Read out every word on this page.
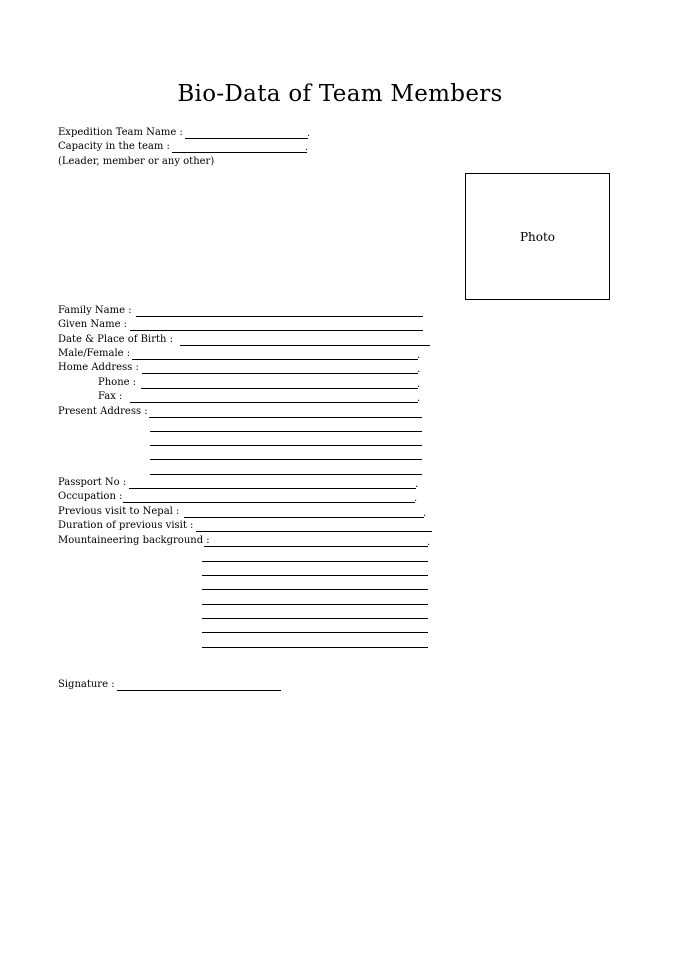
Bio-Data of Team Members
Expedition Team Name :	.
Capacity in the team :	.
(Leader, member or any other)
Photo
Family Name :
Given Name :
Date & Place of Birth :
Male/Female :	.
Home Address :	.
Phone :	.
Fax :	.
Present Address :
Passport No :	.
Occupation :	.
Previous visit to Nepal :	.
Duration of previous visit :
Mountaineering background :	.
Signature :
